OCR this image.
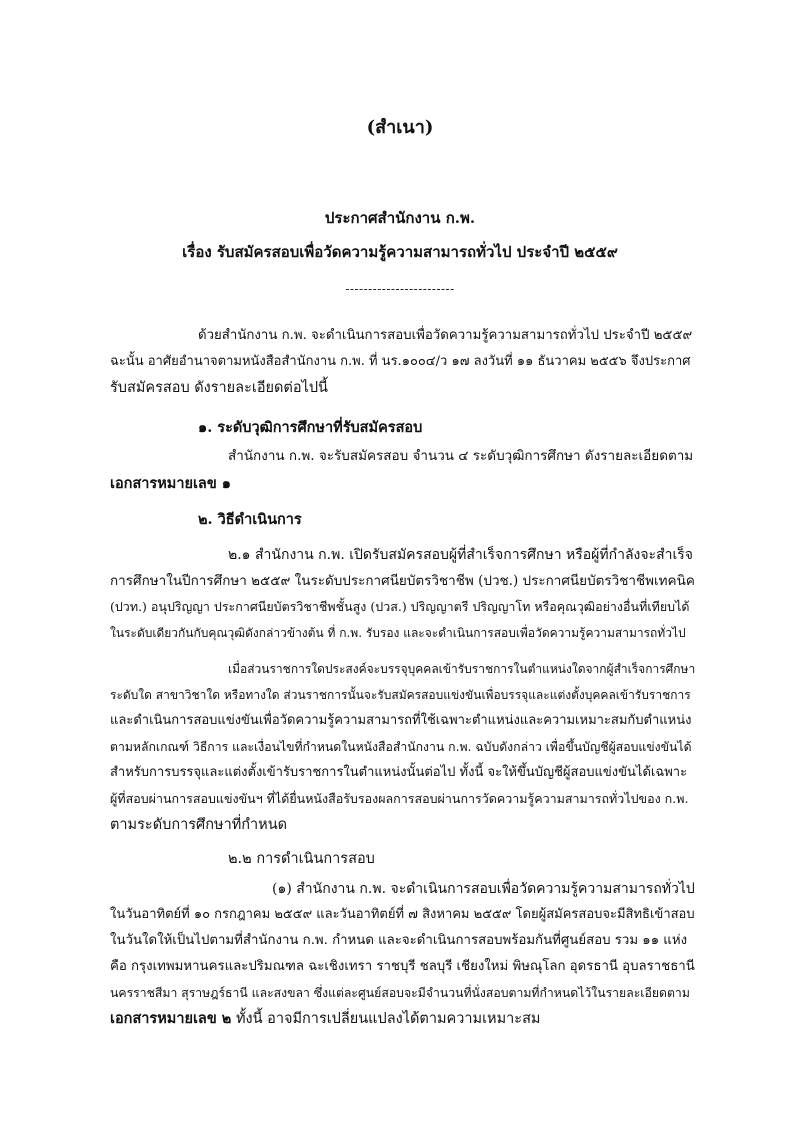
(สำเนา)
ประกาศสำนักงาน ก.พ.
เรื่อง รับสมัครสอบเพื่อวัดความรู้ความสามารถทั่วไป ประจำปี ๒๕๕๙
------------------------
ด้วยสำนักงาน ก.พ. จะดำเนินการสอบเพื่อวัดความรู้ความสามารถทั่วไป ประจำปี ๒๕๕๙
ฉะนั้น อาศัยอำนาจตามหนังสือสำนักงาน ก.พ. ที่ นร.๑๐๐๔/ว ๑๗ ลงวันที่ ๑๑ ธันวาคม ๒๕๕๖ จึงประกาศ
รับสมัครสอบ ดังรายละเอียดต่อไปนี้
๑. ระดับวุฒิการศึกษาที่รับสมัครสอบ
สำนักงาน ก.พ. จะรับสมัครสอบ จำนวน ๔ ระดับวุฒิการศึกษา ดังรายละเอียดตาม
เอกสารหมายเลข ๑
๒. วิธีดำเนินการ
๒.๑ สำนักงาน ก.พ. เปิดรับสมัครสอบผู้ที่สำเร็จการศึกษา หรือผู้ที่กำลังจะสำเร็จ
การศึกษาในปีการศึกษา ๒๕๕๙ ในระดับประกาศนียบัตรวิชาชีพ (ปวช.) ประกาศนียบัตรวิชาชีพเทคนิค
(ปวท.) อนุปริญญา ประกาศนียบัตรวิชาชีพชั้นสูง (ปวส.) ปริญญาตรี ปริญญาโท หรือคุณวุฒิอย่างอื่นที่เทียบได้
ในระดับเดียวกันกับคุณวุฒิดังกล่าวข้างต้น ที่ ก.พ. รับรอง และจะดำเนินการสอบเพื่อวัดความรู้ความสามารถทั่วไป
เมื่อส่วนราชการใดประสงค์จะบรรจุบุคคลเข้ารับราชการในตำแหน่งใดจากผู้สำเร็จการศึกษา
ระดับใด สาขาวิชาใด หรือทางใด ส่วนราชการนั้นจะรับสมัครสอบแข่งขันเพื่อบรรจุและแต่งตั้งบุคคลเข้ารับราชการ
และดำเนินการสอบแข่งขันเพื่อวัดความรู้ความสามารถที่ใช้เฉพาะตำแหน่งและความเหมาะสมกับตำแหน่ง
ตามหลักเกณฑ์ วิธีการ และเงื่อนไขที่กำหนดในหนังสือสำนักงาน ก.พ. ฉบับดังกล่าว เพื่อขึ้นบัญชีผู้สอบแข่งขันได้
สำหรับการบรรจุและแต่งตั้งเข้ารับราชการในตำแหน่งนั้นต่อไป ทั้งนี้ จะให้ขึ้นบัญชีผู้สอบแข่งขันได้เฉพาะ
ผู้ที่สอบผ่านการสอบแข่งขันฯ ที่ได้ยื่นหนังสือรับรองผลการสอบผ่านการวัดความรู้ความสามารถทั่วไปของ ก.พ.
ตามระดับการศึกษาที่กำหนด
๒.๒ การดำเนินการสอบ
(๑) สำนักงาน ก.พ. จะดำเนินการสอบเพื่อวัดความรู้ความสามารถทั่วไป
ในวันอาทิตย์ที่ ๑๐ กรกฎาคม ๒๕๕๙ และวันอาทิตย์ที่ ๗ สิงหาคม ๒๕๕๙ โดยผู้สมัครสอบจะมีสิทธิเข้าสอบ
ในวันใดให้เป็นไปตามที่สำนักงาน ก.พ. กำหนด และจะดำเนินการสอบพร้อมกันที่ศูนย์สอบ รวม ๑๑ แห่ง
คือ กรุงเทพมหานครและปริมณฑล ฉะเชิงเทรา ราชบุรี ชลบุรี เชียงใหม่ พิษณุโลก อุดรธานี อุบลราชธานี
นครราชสีมา สุราษฎร์ธานี และสงขลา ซึ่งแต่ละศูนย์สอบจะมีจำนวนที่นั่งสอบตามที่กำหนดไว้ในรายละเอียดตาม
เอกสารหมายเลข ๒ ทั้งนี้ อาจมีการเปลี่ยนแปลงได้ตามความเหมาะสม
